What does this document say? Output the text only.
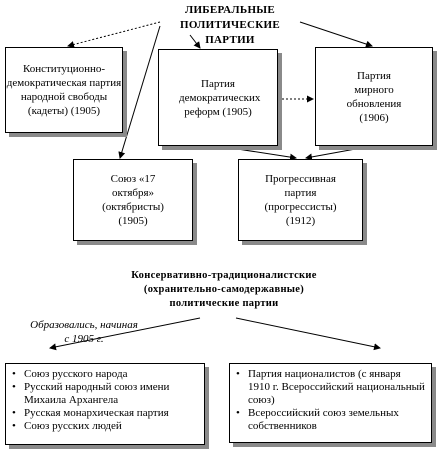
ЛИБЕРАЛЬНЫЕ ПОЛИТИЧЕСКИЕ ПАРТИИ
Конституционно-демократическая партия народной свободы (кадеты) (1905)
Партия демократических реформ (1905)
Партия мирного обновления (1906)
Союз «17 октября» (октябристы) (1905)
Прогрессивная партия (прогрессисты) (1912)
Консервативно-традиционалистские (охранительно-самодержавные) политические партии
Образовались, начиная с 1905 г.
• Союз русского народа
• Русский народный союз имени Михаила Архангела
• Русская монархическая партия
• Союз русских людей
• Партия националистов (с января 1910 г. Всероссийский национальный союз)
• Всероссийский союз земельных собственников
